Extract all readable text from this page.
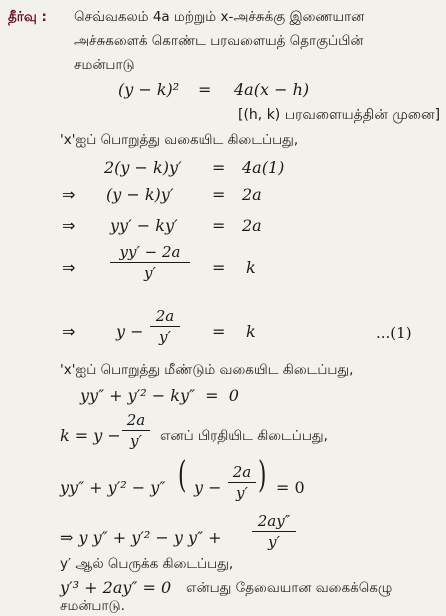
தீர்வு : செவ்வகலம் 4a மற்றும் x-அச்சுக்கு இணையான
அச்சுகளைக் கொண்ட பரவளையத் தொகுப்பின்
சமன்பாடு
(y − k)² = 4a(x − h)
[(h, k) பரவளையத்தின் முனை]
'x'ஐப் பொறுத்து வகையிட கிடைப்பது,
2(y − k)y′ = 4a(1)
⇒ (y − k)y′ = 2a
⇒ yy′ − ky′ = 2a
⇒ $\frac{yy' - 2a}{y'} = k$
⇒	$y - \frac{2a}{y'} = k$	...(1)
'x'ஐப் பொறுத்து மீண்டும் வகையிட கிடைப்பது,
yy″ + y′² − ky″  =  0
$k = y - \frac{2a}{y'}$ எனப் பிரதியிட கிடைப்பது,
yy″ + y′² − y″ ( $y - \frac{2a}{y'}$ ) = 0
⇒ y y″ + y′² − y $y'' + \frac{2ay''}{y'}$
y′ ஆல் பெருக்க கிடைப்பது,
y′³ + 2ay″ = 0 என்பது தேவையான வகைக்கெழு
சமன்பாடு.
